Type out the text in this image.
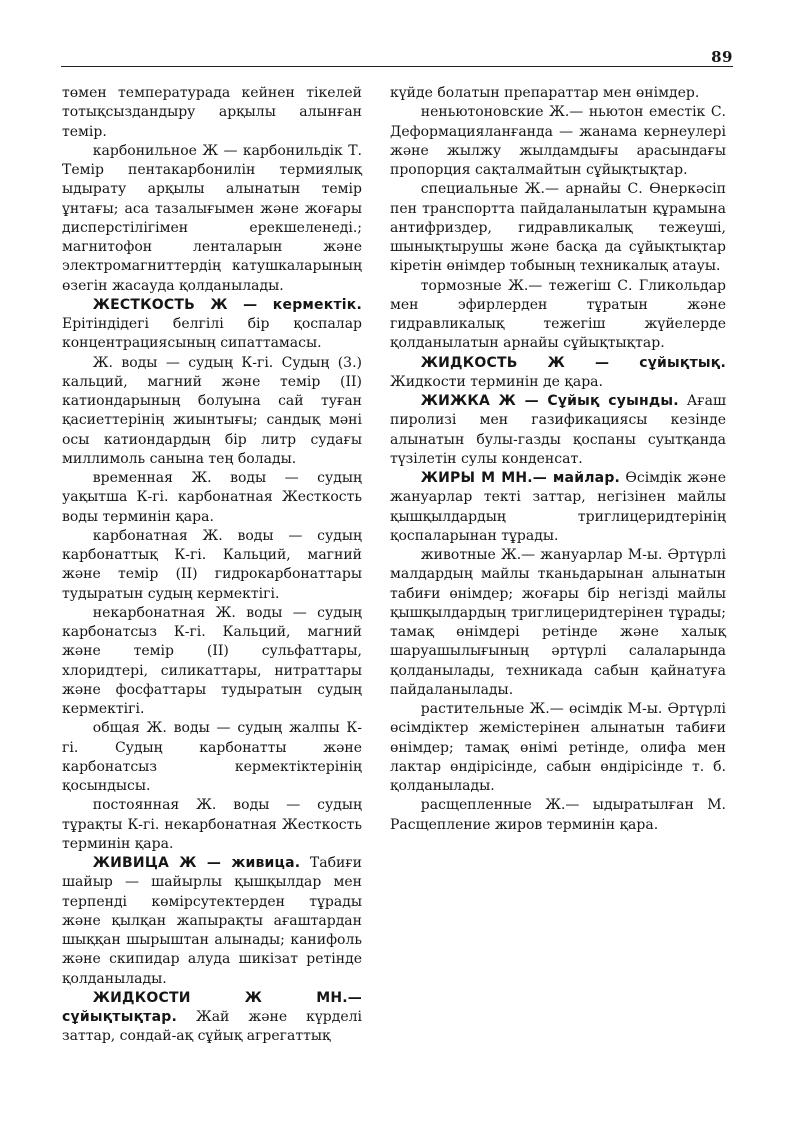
89

төмен температурада кейнен тікелей тотықсыздандыру арқылы алынған темір.

карбонильное Ж — карбонильдік Т. Темір пентакарбонилін термиялық ыдырату арқылы алынатын темір ұнтағы; аса тазалығымен және жоғары дисперстілігімен ерекшеленеді.; магнитофон ленталарын және электромагниттердің катушкаларының өзегін жасауда қолданылады.

ЖЕСТКОСТЬ Ж — кермектік. Ерітіндідегі белгілі бір қоспалар концентрациясының сипаттамасы.

Ж. воды — судың К-гі. Судың (3.) кальций, магний және темір (II) катиондарының болуына сай туған қасиеттерінің жиынтығы; сандық мәні осы катиондардың бір литр судағы миллимоль санына тең болады.

временная Ж. воды — судың уақытша К-гі. карбонатная Жесткость воды терминін қара.

карбонатная Ж. воды — судың карбонаттық К-гі. Кальций, магний және темір (II) гидрокарбонаттары тудыратын судың кермектігі.

некарбонатная Ж. воды — судың карбонатсыз К-гі. Кальций, магний және темір (II) сульфаттары, хлоридтері, силикаттары, нитраттары және фосфаттары тудыратын судың кермектігі.

общая Ж. воды — судың жалпы К-гі. Судың карбонатты және карбонатсыз кермектіктерінің қосындысы.

постоянная Ж. воды — судың тұрақты К-гі. некарбонатная Жесткость терминін қара.

ЖИВИЦА Ж — живица. Табиғи шайыр — шайырлы қышқылдар мен терпенді көмірсутектерден тұрады және қылқан жапырақты ағаштардан шыққан шырыштан алынады; канифоль және скипидар алуда шикізат ретінде қолданылады.

ЖИДКОСТИ Ж МН.— сұйықтықтар. Жай және күрделі заттар, сондай-ақ сұйық агрегаттық

күйде болатын препараттар мен өнімдер.

неньютоновские Ж.— ньютон еместік С. Деформацияланғанда — жанама кернеулері және жылжу жылдамдығы арасындағы пропорция сақталмайтын сұйықтықтар.

специальные Ж.— арнайы С. Өнеркәсіп пен транспортта пайдаланылатын құрамына антифриздер, гидравликалық тежеуші, шынықтырушы және басқа да сұйықтықтар кіретін өнімдер тобының техникалық атауы.

тормозные Ж.— тежегіш С. Гликольдар мен эфирлерден тұратын және гидравликалық тежегіш жүйелерде қолданылатын арнайы сұйықтықтар.

ЖИДКОСТЬ Ж — сұйықтық. Жидкости терминін де қара.

ЖИЖКА Ж — Сұйық суынды. Ағаш пиролизі мен газификациясы кезінде алынатын булы-газды қоспаны суытқанда түзілетін сулы конденсат.

ЖИРЫ М МН.— майлар. Өсімдік және жануарлар текті заттар, негізінен майлы қышқылдардың триглицеридтерінің қоспаларынан тұрады.

животные Ж.— жануарлар М-ы. Әртүрлі малдардың майлы тканьдарынан алынатын табиғи өнімдер; жоғары бір негізді майлы қышқылдардың триглицеридтерінен тұрады; тамақ өнімдері ретінде және халық шаруашылығының әртүрлі салаларында қолданылады, техникада сабын қайнатуға пайдаланылады.

растительные Ж.— өсімдік М-ы. Әртүрлі өсімдіктер жемістерінен алынатын табиғи өнімдер; тамақ өнімі ретінде, олифа мен лактар өндірісінде, сабын өндірісінде т. б. қолданылады.

расщепленные Ж.— ыдыратылған М. Расщепление жиров терминін қара.
